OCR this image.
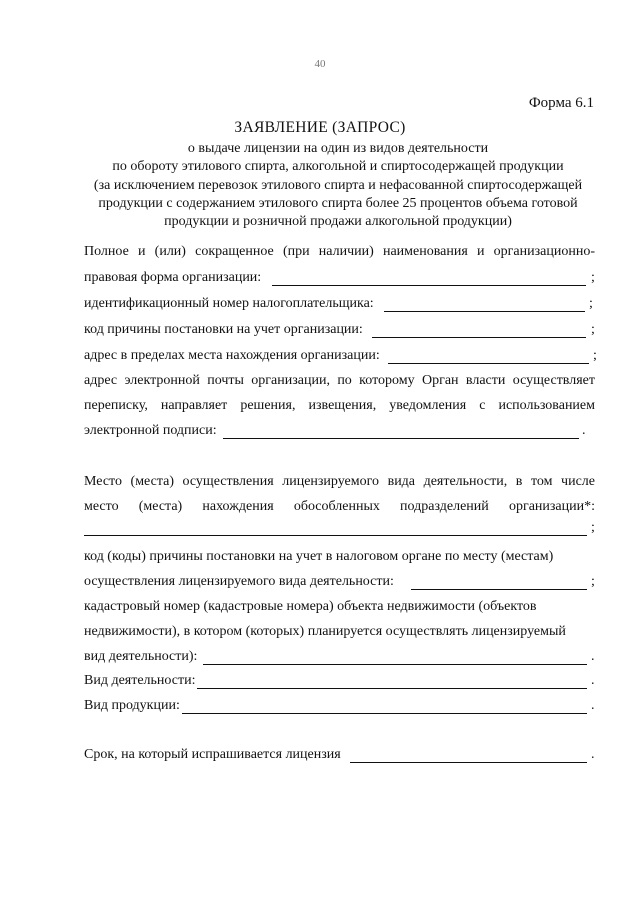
40
Форма 6.1
ЗАЯВЛЕНИЕ (ЗАПРОС)
о выдаче лицензии на один из видов деятельности
по обороту этилового спирта, алкогольной и спиртосодержащей продукции
(за исключением перевозок этилового спирта и нефасованной спиртосодержащей
продукции с содержанием этилового спирта более 25 процентов объема готовой
продукции и розничной продажи алкогольной продукции)
Полное и (или) сокращенное (при наличии) наименования и организационно-
правовая форма организации:	;
идентификационный номер налогоплательщика:	;
код причины постановки на учет организации:	;
адрес в пределах места нахождения организации:	;
адрес электронной почты организации, по которому Орган власти осуществляет
переписку, направляет решения, извещения, уведомления с использованием
электронной подписи:	.
Место (места) осуществления лицензируемого вида деятельности, в том числе
место (места) нахождения обособленных подразделений организации*:
;
код (коды) причины постановки на учет в налоговом органе по месту (местам)
осуществления лицензируемого вида деятельности:	;
кадастровый номер (кадастровые номера) объекта недвижимости (объектов
недвижимости), в котором (которых) планируется осуществлять лицензируемый
вид деятельности):	.
Вид деятельности:	.
Вид продукции:	.
Срок, на который испрашивается лицензия	.
